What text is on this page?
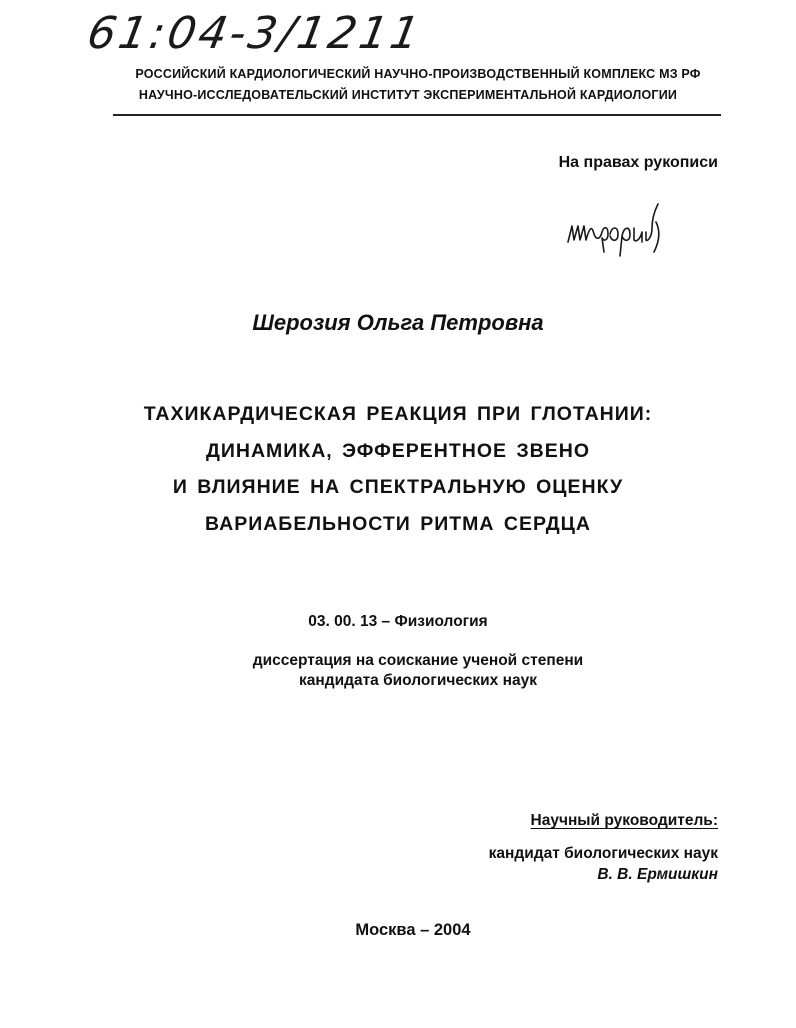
61:04-3/1211
РОССИЙСКИЙ КАРДИОЛОГИЧЕСКИЙ НАУЧНО-ПРОИЗВОДСТВЕННЫЙ КОМПЛЕКС МЗ РФ
НАУЧНО-ИССЛЕДОВАТЕЛЬСКИЙ ИНСТИТУТ ЭКСПЕРИМЕНТАЛЬНОЙ КАРДИОЛОГИИ
На правах рукописи
Шерозия Ольга Петровна
ТАХИКАРДИЧЕСКАЯ РЕАКЦИЯ ПРИ ГЛОТАНИИ:
ДИНАМИКА, ЭФФЕРЕНТНОЕ ЗВЕНО
И ВЛИЯНИЕ НА СПЕКТРАЛЬНУЮ ОЦЕНКУ
ВАРИАБЕЛЬНОСТИ РИТМА СЕРДЦА
03. 00. 13 – Физиология
диссертация на соискание ученой степени
кандидата биологических наук
Научный руководитель:
кандидат биологических наук
В. В. Ермишкин
Москва – 2004
